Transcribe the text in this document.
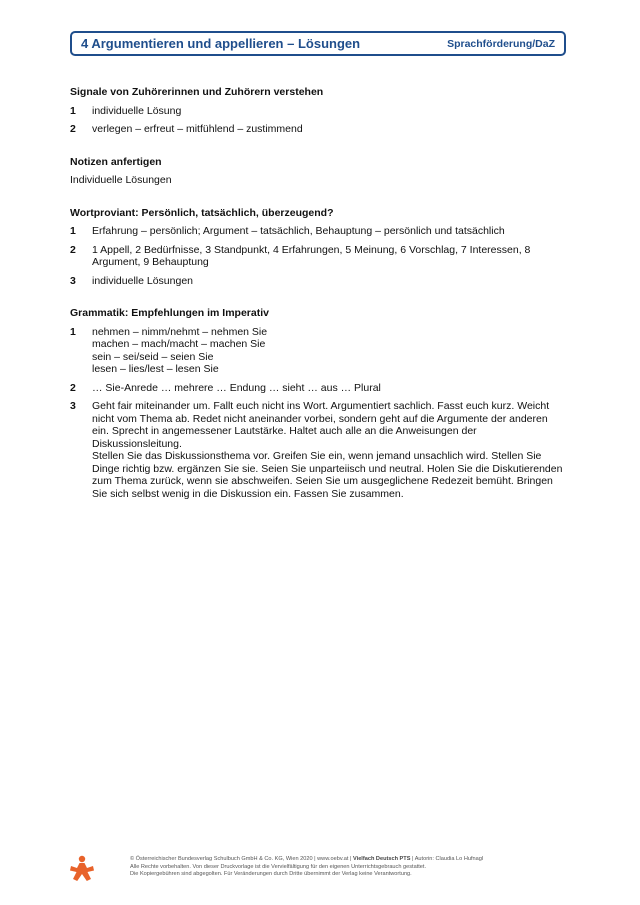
4 Argumentieren und appellieren – Lösungen	Sprachförderung/DaZ

Signale von Zuhörerinnen und Zuhörern verstehen

1	individuelle Lösung
2	verlegen – erfreut – mitfühlend – zustimmend

Notizen anfertigen

Individuelle Lösungen

Wortproviant: Persönlich, tatsächlich, überzeugend?

1	Erfahrung – persönlich; Argument – tatsächlich, Behauptung – persönlich und tatsächlich
2	1 Appell, 2 Bedürfnisse, 3 Standpunkt, 4 Erfahrungen, 5 Meinung, 6 Vorschlag, 7 Interessen, 8 Argument, 9 Behauptung
3	individuelle Lösungen

Grammatik: Empfehlungen im Imperativ

1	nehmen – nimm/nehmt – nehmen Sie
machen – mach/macht – machen Sie
sein – sei/seid – seien Sie
lesen – lies/lest – lesen Sie
2	… Sie-Anrede … mehrere … Endung … sieht … aus … Plural
3	Geht fair miteinander um. Fallt euch nicht ins Wort. Argumentiert sachlich. Fasst euch kurz. Weicht nicht vom Thema ab. Redet nicht aneinander vorbei, sondern geht auf die Argumente der anderen ein. Sprecht in angemessener Lautstärke. Haltet auch alle an die Anweisungen der Diskussionsleitung.
Stellen Sie das Diskussionsthema vor. Greifen Sie ein, wenn jemand unsachlich wird. Stellen Sie Dinge richtig bzw. ergänzen Sie sie. Seien Sie unparteiisch und neutral. Holen Sie die Diskutierenden zum Thema zurück, wenn sie abschweifen. Seien Sie um ausgeglichene Redezeit bemüht. Bringen Sie sich selbst wenig in die Diskussion ein. Fassen Sie zusammen.
© Österreichischer Bundesverlag Schulbuch GmbH & Co. KG, Wien 2020 | www.oebv.at | Vielfach Deutsch PTS | Autorin: Claudia Lo Hufnagl
Alle Rechte vorbehalten. Von dieser Druckvorlage ist die Vervielfältigung für den eigenen Unterrichtsgebrauch gestattet.
Die Kopiergebühren sind abgegolten. Für Veränderungen durch Dritte übernimmt der Verlag keine Verantwortung.
